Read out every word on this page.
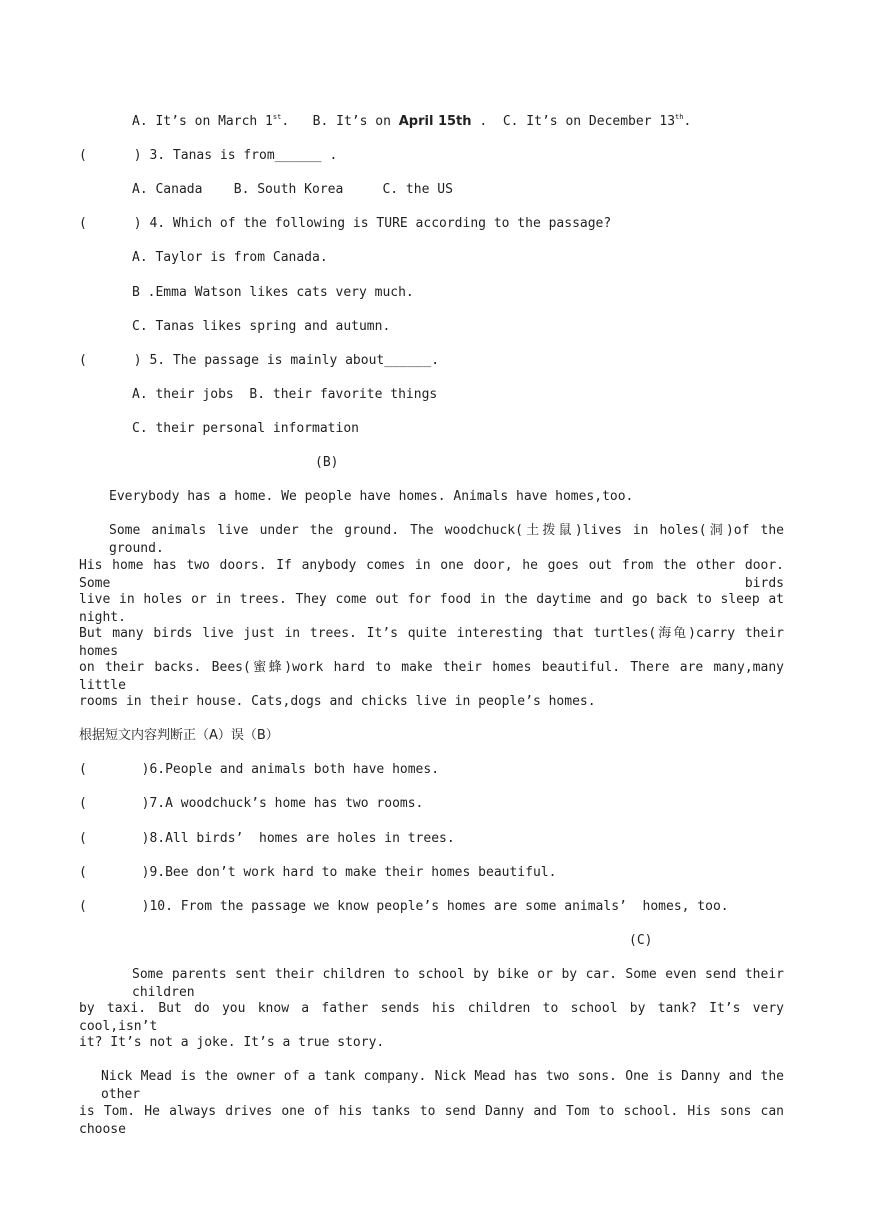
A. It’s on March 1st. B. It’s on April 15th . C. It’s on December 13th.
(      ) 3. Tanas is from______ .
A. Canada    B. South Korea     C. the US
(      ) 4. Which of the following is TURE according to the passage?
A. Taylor is from Canada.
B .Emma Watson likes cats very much.
C. Tanas likes spring and autumn.
(      ) 5. The passage is mainly about______.
A. their jobs  B. their favorite things
C. their personal information
(B)
Everybody has a home. We people have homes. Animals have homes,too.
Some animals live under the ground. The woodchuck(土拨鼠)lives in holes(洞)of the ground.
His home has two doors. If anybody comes in one door, he goes out from the other door. Some birds
live in holes or in trees. They come out for food in the daytime and go back to sleep at night.
But many birds live just in trees. It’s quite interesting that turtles(海龟)carry their homes
on their backs. Bees(蜜蜂)work hard to make their homes beautiful. There are many,many little
rooms in their house. Cats,dogs and chicks live in people’s homes.
根据短文内容判断正（A）误（B）
(       )6.People and animals both have homes.
(       )7.A woodchuck’s home has two rooms.
(       )8.All birds’  homes are holes in trees.
(       )9.Bee don’t work hard to make their homes beautiful.
(       )10. From the passage we know people’s homes are some animals’  homes, too.
(C)
Some parents sent their children to school by bike or by car. Some even send their children
by taxi. But do you know a father sends his children to school by tank? It’s very cool,isn’t
it? It’s not a joke. It’s a true story.
Nick Mead is the owner of a tank company. Nick Mead has two sons. One is Danny and the other
is Tom. He always drives one of his tanks to send Danny and Tom to school. His sons can choose
